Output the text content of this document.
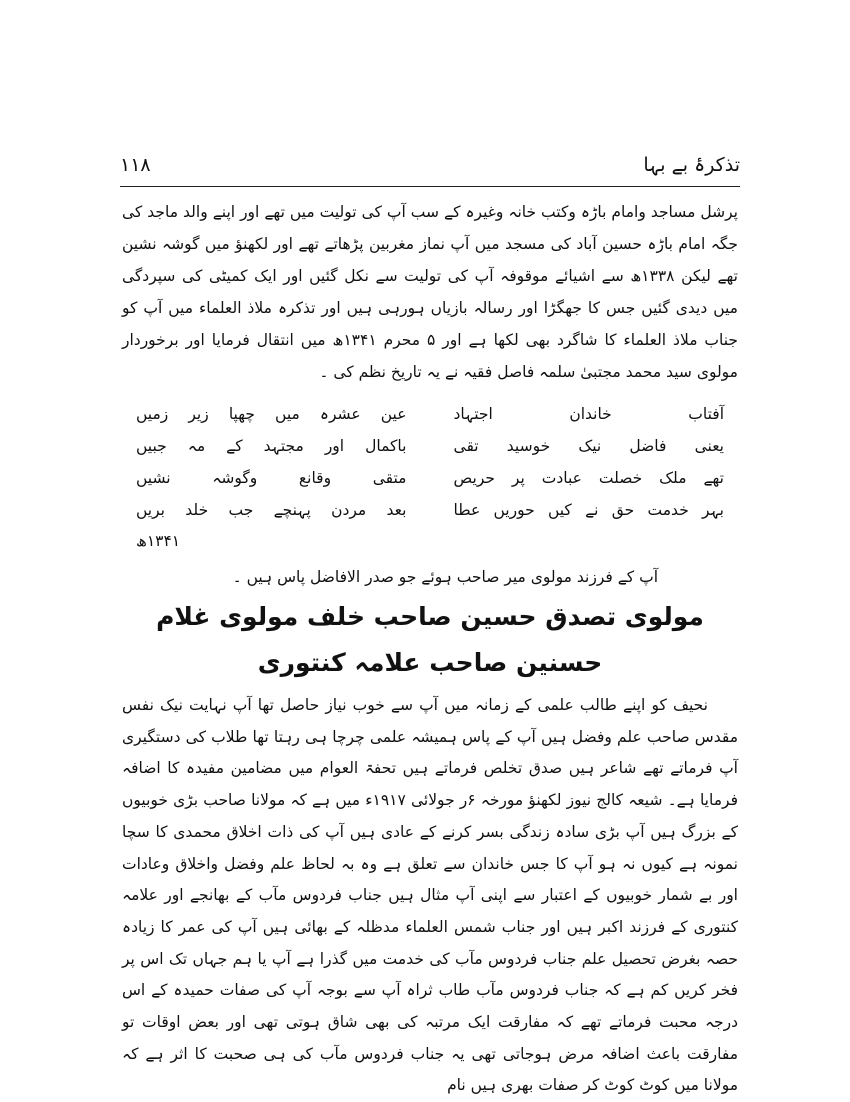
تذکرۂ بے بہا
۱۱۸

پرشل مساجد وامام باڑہ وکتب خانہ وغیرہ کے سب آپ کی تولیت میں تھے اور اپنے والد ماجد کی جگہ امام باڑہ حسین آباد کی مسجد میں آپ نماز مغربین پڑھاتے تھے اور لکھنؤ میں گوشہ نشین تھے لیکن ۱۳۳۸ھ سے اشیائے موقوفہ آپ کی تولیت سے نکل گئیں اور ایک کمیٹی کی سپردگی میں دیدی گئیں جس کا جھگڑا اور رسالہ بازیاں ہورہی ہیں اور تذکرہ ملاذ العلماء میں آپ کو جناب ملاذ العلماء کا شاگرد بھی لکھا ہے اور ۵ محرم ۱۳۴۱ھ میں انتقال فرمایا اور برخوردار مولوی سید محمد مجتبیٰ سلمہ فاصل فقیہ نے یہ تاریخ نظم کی ۔

آفتاب خاندان اجتہاد
عین عشرہ میں چھپا زیر زمیں
یعنی فاضل نیک خوسید تقی
باکمال اور مجتہد کے مہ جبیں
تھے ملک خصلت عبادت پر حریص
متقی وقانع وگوشہ نشیں
بہر خدمت حق نے کیں حوریں عطا
بعد مردن پہنچے جب خلد بریں
۱۳۴۱ھ

آپ کے فرزند مولوی میر صاحب ہوئے جو صدر الافاضل پاس ہیں ۔

مولوی تصدق حسین صاحب خلف مولوی غلام حسنین صاحب علامہ کنتوری

نحیف کو اپنے طالب علمی کے زمانہ میں آپ سے خوب نیاز حاصل تھا آپ نہایت نیک نفس مقدس صاحب علم وفضل ہیں آپ کے پاس ہمیشہ علمی چرچا ہی رہتا تھا طلاب کی دستگیری آپ فرماتے تھے شاعر ہیں صدق تخلص فرماتے ہیں تحفۃ العوام میں مضامین مفیدہ کا اضافہ فرمایا ہے۔ شیعہ کالج نیوز لکھنؤ مورخہ ۶ر جولائی ۱۹۱۷ء میں ہے کہ مولانا صاحب بڑی خوبیوں کے بزرگ ہیں آپ بڑی سادہ زندگی بسر کرنے کے عادی ہیں آپ کی ذات اخلاق محمدی کا سچا نمونہ ہے کیوں نہ ہو آپ کا جس خاندان سے تعلق ہے وہ بہ لحاظ علم وفضل واخلاق وعادات اور بے شمار خوبیوں کے اعتبار سے اپنی آپ مثال ہیں جناب فردوس مآب کے بھانجے اور علامہ کنتوری کے فرزند اکبر ہیں اور جناب شمس العلماء مدظلہ کے بھائی ہیں آپ کی عمر کا زیادہ حصہ بغرض تحصیل علم جناب فردوس مآب کی خدمت میں گذرا ہے آپ یا ہم جہاں تک اس پر فخر کریں کم ہے کہ جناب فردوس مآب طاب ثراہ آپ سے بوجہ آپ کی صفات حمیدہ کے اس درجہ محبت فرماتے تھے کہ مفارقت ایک مرتبہ کی بھی شاق ہوتی تھی اور بعض اوقات تو مفارقت باعث اضافہ مرض ہوجاتی تھی یہ جناب فردوس مآب کی ہی صحبت کا اثر ہے کہ مولانا میں کوٹ کوٹ کر صفات بھری ہیں نام
